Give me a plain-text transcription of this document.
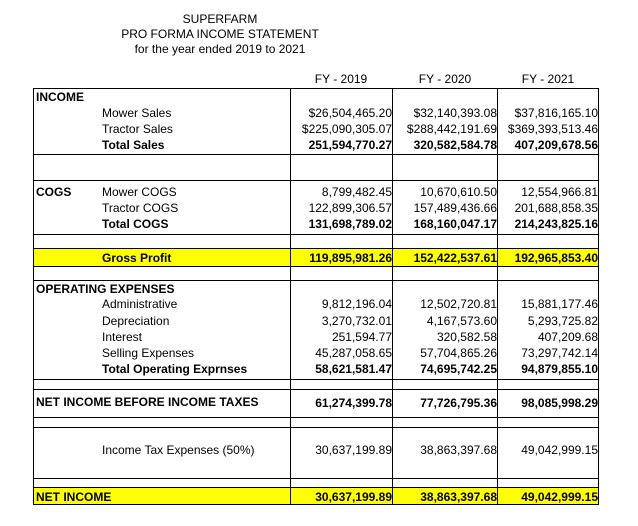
SUPERFARM
PRO FORMA INCOME STATEMENT
for the year ended 2019 to 2021
FY - 2019	FY - 2020	FY - 2021
INCOME
Mower Sales	$26,504,465.20	$32,140,393.08	$37,816,165.10
Tractor Sales	$225,090,305.07	$288,442,191.69 $369,393,513.46
Total Sales	251,594,770.27	320,582,584.78	407,209,678.56
COGS	Mower COGS	8,799,482.45	10,670,610.50	12,554,966.81
Tractor COGS	122,899,306.57	157,489,436.66	201,688,858.35
Total COGS	131,698,789.02	168,160,047.17	214,243,825.16
Gross Profit	119,895,981.26	152,422,537.61	192,965,853.40
OPERATING EXPENSES
Administrative	9,812,196.04	12,502,720.81	15,881,177.46
Depreciation	3,270,732.01	4,167,573.60	5,293,725.82
Interest	251,594.77	320,582.58	407,209.68
Selling Expenses	45,287,058.65	57,704,865.26	73,297,742.14
Total Operating Exprnses	58,621,581.47	74,695,742.25	94,879,855.10
NET INCOME BEFORE INCOME TAXES	61,274,399.78	77,726,795.36	98,085,998.29
Income Tax Expenses (50%)	30,637,199.89	38,863,397.68	49,042,999.15
NET INCOME	30,637,199.89	38,863,397.68	49,042,999.15
